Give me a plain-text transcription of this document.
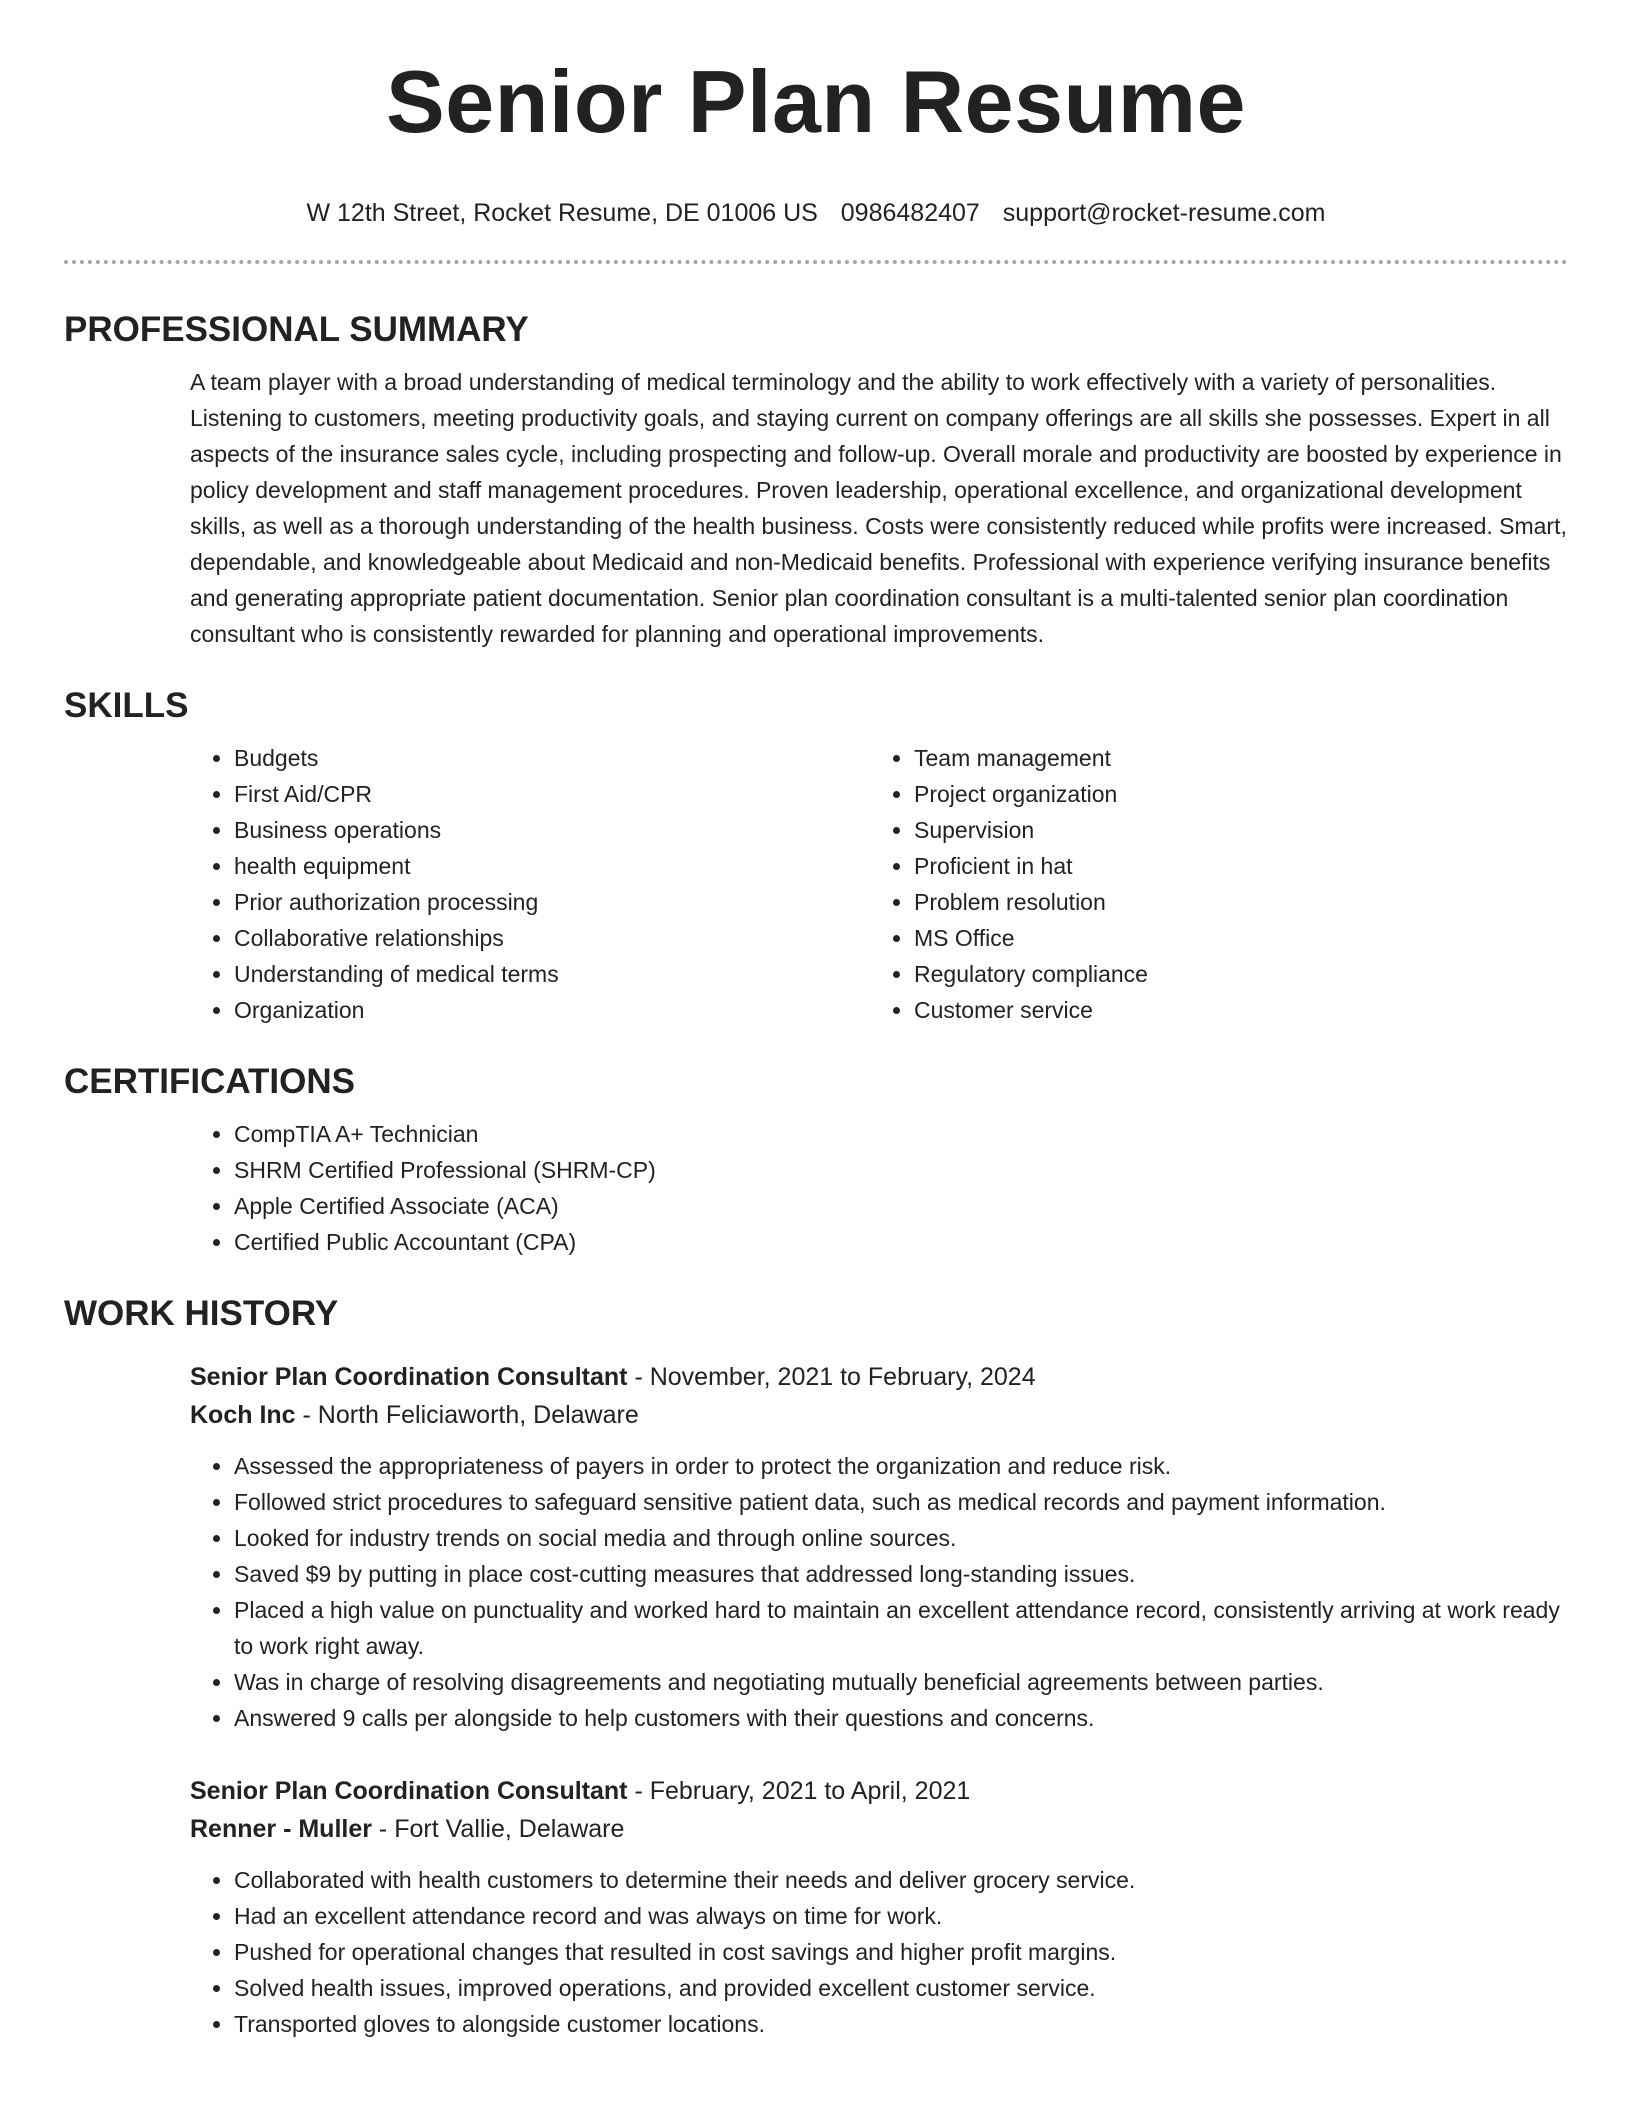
Senior Plan Resume
W 12th Street, Rocket Resume, DE 01006 US 0986482407 support@rocket-resume.com
PROFESSIONAL SUMMARY

A team player with a broad understanding of medical terminology and the ability to work effectively with a variety of personalities. Listening to customers, meeting productivity goals, and staying current on company offerings are all skills she possesses. Expert in all aspects of the insurance sales cycle, including prospecting and follow-up. Overall morale and productivity are boosted by experience in policy development and staff management procedures. Proven leadership, operational excellence, and organizational development skills, as well as a thorough understanding of the health business. Costs were consistently reduced while profits were increased. Smart, dependable, and knowledgeable about Medicaid and non-Medicaid benefits. Professional with experience verifying insurance benefits and generating appropriate patient documentation. Senior plan coordination consultant is a multi-talented senior plan coordination consultant who is consistently rewarded for planning and operational improvements.

SKILLS
• Budgets
• First Aid/CPR
• Business operations
• health equipment
• Prior authorization processing
• Collaborative relationships
• Understanding of medical terms
• Organization
• Team management
• Project organization
• Supervision
• Proficient in hat
• Problem resolution
• MS Office
• Regulatory compliance
• Customer service
CERTIFICATIONS
• CompTIA A+ Technician
• SHRM Certified Professional (SHRM-CP)
• Apple Certified Associate (ACA)
• Certified Public Accountant (CPA)
WORK HISTORY
Senior Plan Coordination Consultant - November, 2021 to February, 2024
Koch Inc - North Feliciaworth, Delaware
• Assessed the appropriateness of payers in order to protect the organization and reduce risk.
• Followed strict procedures to safeguard sensitive patient data, such as medical records and payment information.
• Looked for industry trends on social media and through online sources.
• Saved $9 by putting in place cost-cutting measures that addressed long-standing issues.
• Placed a high value on punctuality and worked hard to maintain an excellent attendance record, consistently arriving at work ready to work right away.
• Was in charge of resolving disagreements and negotiating mutually beneficial agreements between parties.
• Answered 9 calls per alongside to help customers with their questions and concerns.
Senior Plan Coordination Consultant - February, 2021 to April, 2021
Renner - Muller - Fort Vallie, Delaware
• Collaborated with health customers to determine their needs and deliver grocery service.
• Had an excellent attendance record and was always on time for work.
• Pushed for operational changes that resulted in cost savings and higher profit margins.
• Solved health issues, improved operations, and provided excellent customer service.
• Transported gloves to alongside customer locations.
